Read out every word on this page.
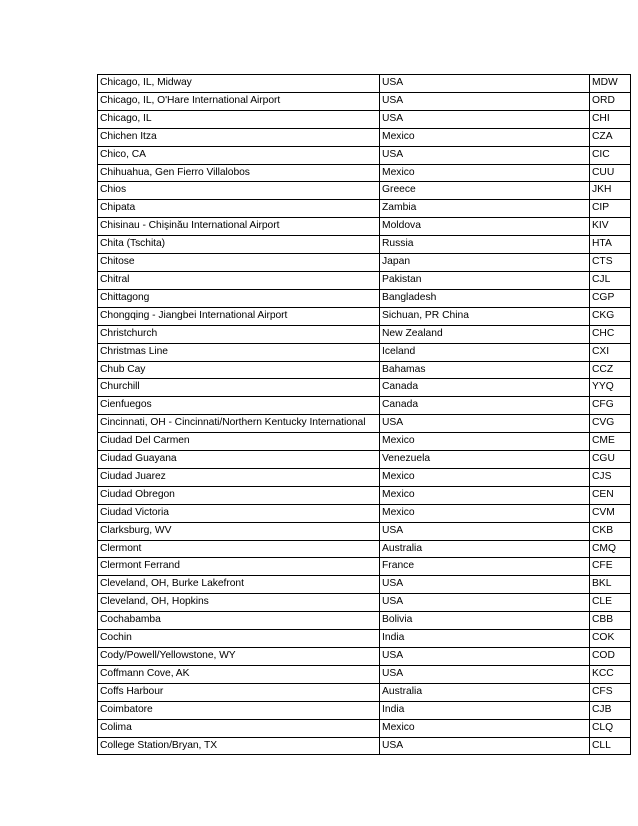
Chicago, IL, Midway	USA	MDW
Chicago, IL, O'Hare International Airport	USA	ORD
Chicago, IL	USA	CHI
Chichen Itza	Mexico	CZA
Chico, CA	USA	CIC
Chihuahua, Gen Fierro Villalobos	Mexico	CUU
Chios	Greece	JKH
Chipata	Zambia	CIP
Chisinau - Chişinău International Airport	Moldova	KIV
Chita (Tschita)	Russia	HTA
Chitose	Japan	CTS
Chitral	Pakistan	CJL
Chittagong	Bangladesh	CGP
Chongqing - Jiangbei International Airport	Sichuan, PR China	CKG
Christchurch	New Zealand	CHC
Christmas Line	Iceland	CXI
Chub Cay	Bahamas	CCZ
Churchill	Canada	YYQ
Cienfuegos	Canada	CFG
Cincinnati, OH - Cincinnati/Northern Kentucky International	USA	CVG
Ciudad Del Carmen	Mexico	CME
Ciudad Guayana	Venezuela	CGU
Ciudad Juarez	Mexico	CJS
Ciudad Obregon	Mexico	CEN
Ciudad Victoria	Mexico	CVM
Clarksburg, WV	USA	CKB
Clermont	Australia	CMQ
Clermont Ferrand	France	CFE
Cleveland, OH, Burke Lakefront	USA	BKL
Cleveland, OH, Hopkins	USA	CLE
Cochabamba	Bolivia	CBB
Cochin	India	COK
Cody/Powell/Yellowstone, WY	USA	COD
Coffmann Cove, AK	USA	KCC
Coffs Harbour	Australia	CFS
Coimbatore	India	CJB
Colima	Mexico	CLQ
College Station/Bryan, TX	USA	CLL
